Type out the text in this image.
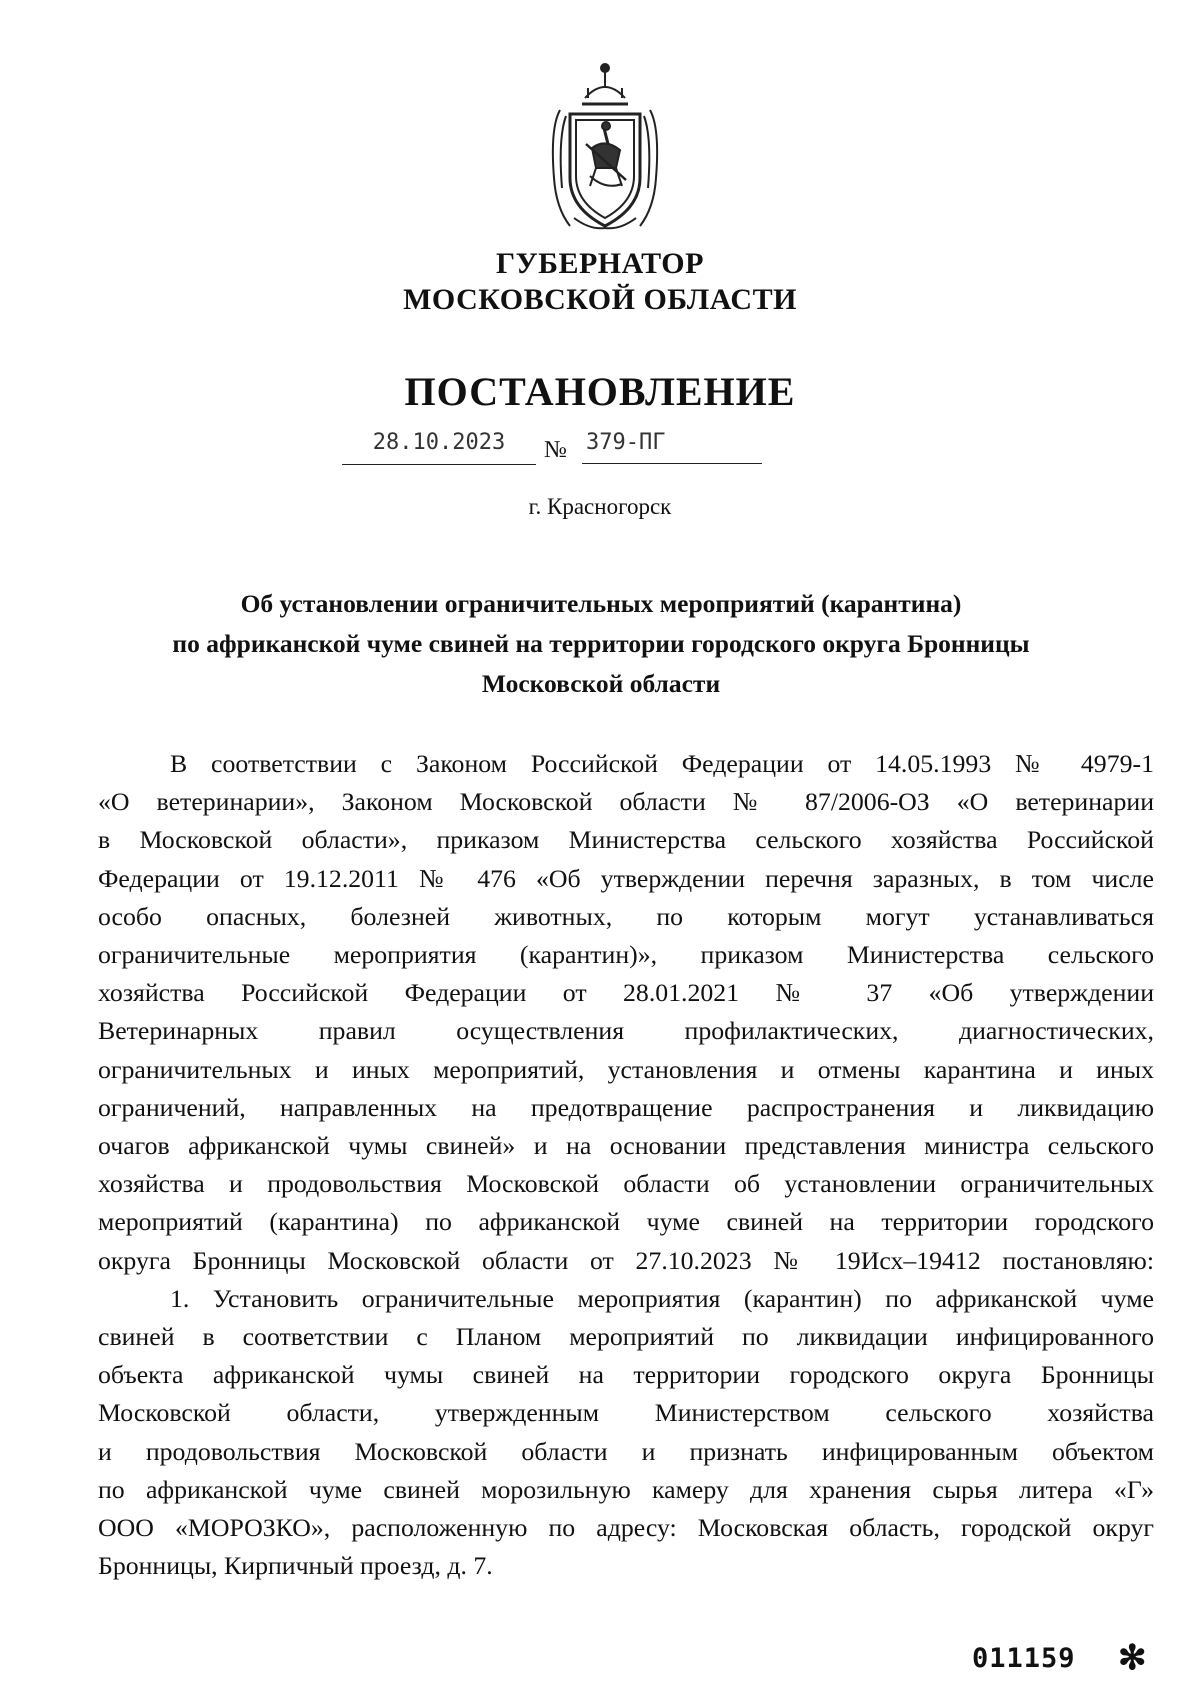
ГУБЕРНАТОР
МОСКОВСКОЙ ОБЛАСТИ
ПОСТАНОВЛЕНИЕ
28.10.2023	№ 379-ПГ
г. Красногорск
Об установлении ограничительных мероприятий (карантина)
по африканской чуме свиней на территории городского округа Бронницы
Московской области
В соответствии с Законом Российской Федерации от 14.05.1993 № 4979-1
«О ветеринарии», Законом Московской области № 87/2006-ОЗ «О ветеринарии
в Московской области», приказом Министерства сельского хозяйства Российской
Федерации от 19.12.2011 № 476 «Об утверждении перечня заразных, в том числе
особо опасных, болезней животных, по которым могут устанавливаться
ограничительные мероприятия (карантин)», приказом Министерства сельского
хозяйства Российской Федерации от 28.01.2021 № 37 «Об утверждении
Ветеринарных правил осуществления профилактических, диагностических,
ограничительных и иных мероприятий, установления и отмены карантина и иных
ограничений, направленных на предотвращение распространения и ликвидацию
очагов африканской чумы свиней» и на основании представления министра сельского
хозяйства и продовольствия Московской области об установлении ограничительных
мероприятий (карантина) по африканской чуме свиней на территории городского
округа Бронницы Московской области от 27.10.2023 № 19Исх–19412 постановляю:
1. Установить ограничительные мероприятия (карантин) по африканской чуме
свиней в соответствии с Планом мероприятий по ликвидации инфицированного
объекта африканской чумы свиней на территории городского округа Бронницы
Московской области, утвержденным Министерством сельского хозяйства
и продовольствия Московской области и признать инфицированным объектом
по африканской чуме свиней морозильную камеру для хранения сырья литера «Г»
ООО «МОРОЗКО», расположенную по адресу: Московская область, городской округ
Бронницы, Кирпичный проезд, д. 7.
011159 ✻
